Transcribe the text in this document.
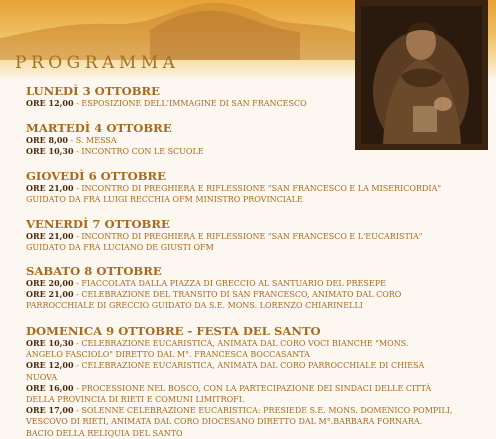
PROGRAMMA
LUNEDÌ 3 OTTOBRE
ORE 12,00 - ESPOSIZIONE DELL'IMMAGINE DI SAN FRANCESCO
MARTEDÌ 4 OTTOBRE
ORE 8,00 - S. MESSA
ORE 10,30 - INCONTRO CON LE SCUOLE
GIOVEDÌ 6 OTTOBRE
ORE 21,00 - INCONTRO DI PREGHIERA E RIFLESSIONE "SAN FRANCESCO E LA MISERICORDIA"
GUIDATO DA FRA LUIGI RECCHIA OFM MINISTRO PROVINCIALE
VENERDÌ 7 OTTOBRE
ORE 21,00 - INCONTRO DI PREGHIERA E RIFLESSIONE "SAN FRANCESCO E L'EUCARISTIA"
GUIDATO DA FRA LUCIANO DE GIUSTI OFM
SABATO 8 OTTOBRE
ORE 20,00 - FIACCOLATA DALLA PIAZZA DI GRECCIO AL SANTUARIO DEL PRESEPE
ORE 21,00 - CELEBRAZIONE DEL TRANSITO DI SAN FRANCESCO, ANIMATO DAL CORO
PARROCCHIALE DI GRECCIO GUIDATO DA S.E. MONS. LORENZO CHIARINELLI
DOMENICA 9 OTTOBRE - FESTA DEL SANTO
ORE 10,30 - CELEBRAZIONE EUCARISTICA, ANIMATA DAL CORO VOCI BIANCHE "MONS.
ANGELO FASCIOLO" DIRETTO DAL M°. FRANCESCA BOCCASANTA
ORE 12,00 - CELEBRAZIONE EUCARISTICA, ANIMATA DAL CORO PARROCCHIALE DI CHIESA
NUOVA
ORE 16,00 - PROCESSIONE NEL BOSCO, CON LA PARTECIPAZIONE DEI SINDACI DELLE CITTÀ
DELLA PROVINCIA DI RIETI E COMUNI LIMITROFI.
ORE 17,00 - SOLENNE CELEBRAZIONE EUCARISTICA: PRESIEDE S.E. MONS. DOMENICO POMPILI,
VESCOVO DI RIETI, ANIMATA DAL CORO DIOCESANO DIRETTO DAL M°.BARBARA FORNARA.
BACIO DELLA RELIQUIA DEL SANTO
